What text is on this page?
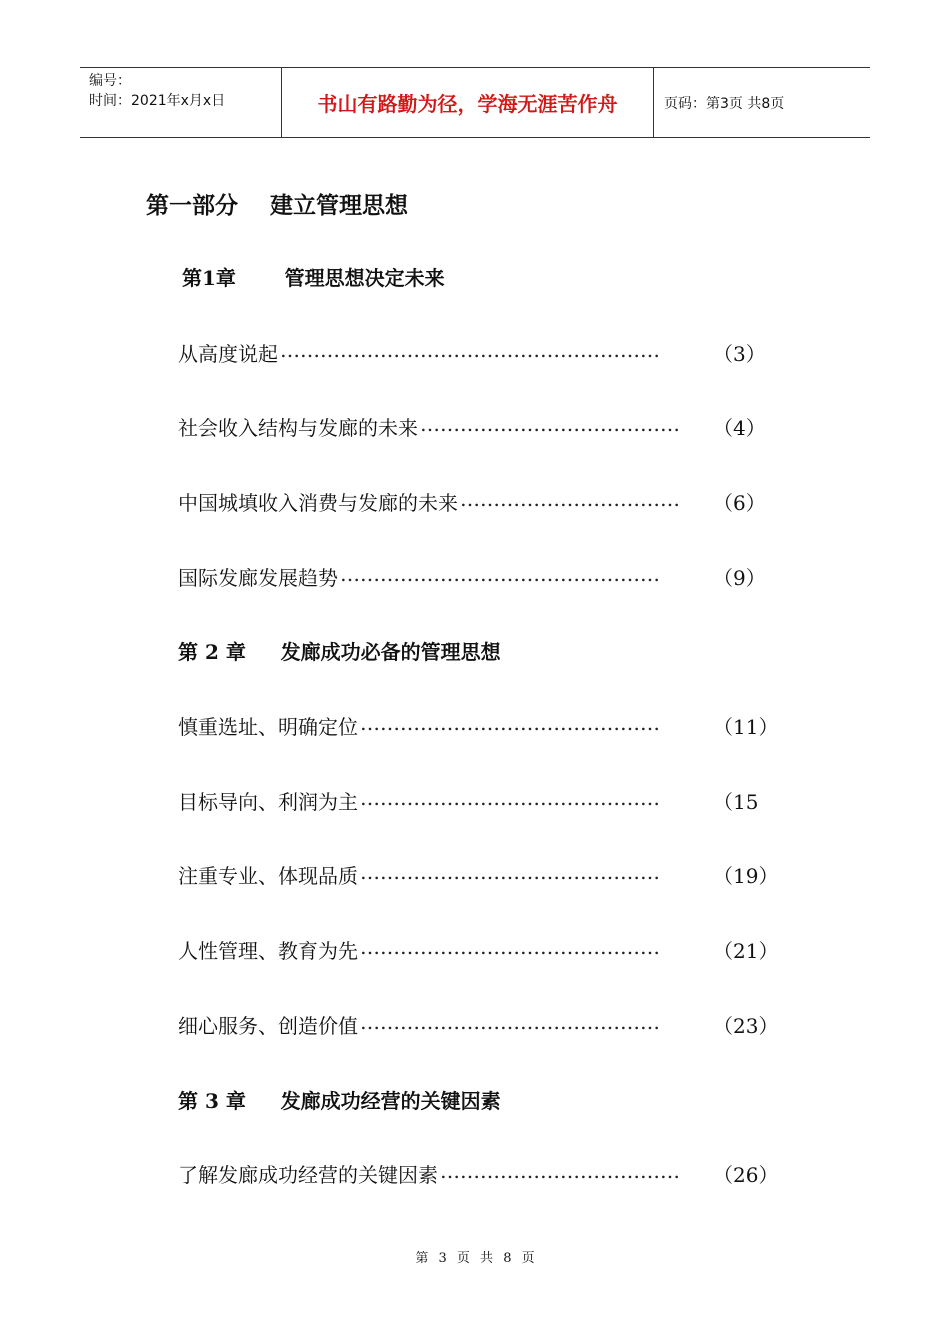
编号：
时间：2021年x月x日	书山有路勤为径，学海无涯苦作舟	页码：第3页 共8页
第一部分    建立管理思想
第1章       管理思想决定未来
从高度说起 …………………………………………………	（3）
社会收入结构与发廊的未来 …………………………………	（4）
中国城填收入消费与发廊的未来 ……………………………	（6）
国际发廊发展趋势 …………………………………………	（9）
第 2 章     发廊成功必备的管理思想
慎重选址、明确定位 ………………………………………	（11）
目标导向、利润为主 ………………………………………	（15
注重专业、体现品质 ………………………………………	（19）
人性管理、教育为先 ………………………………………	（21）
细心服务、创造价值 ………………………………………	（23）
第 3 章     发廊成功经营的关键因素
了解发廊成功经营的关键因素 ………………………………	（26）
第 3 页 共 8 页
